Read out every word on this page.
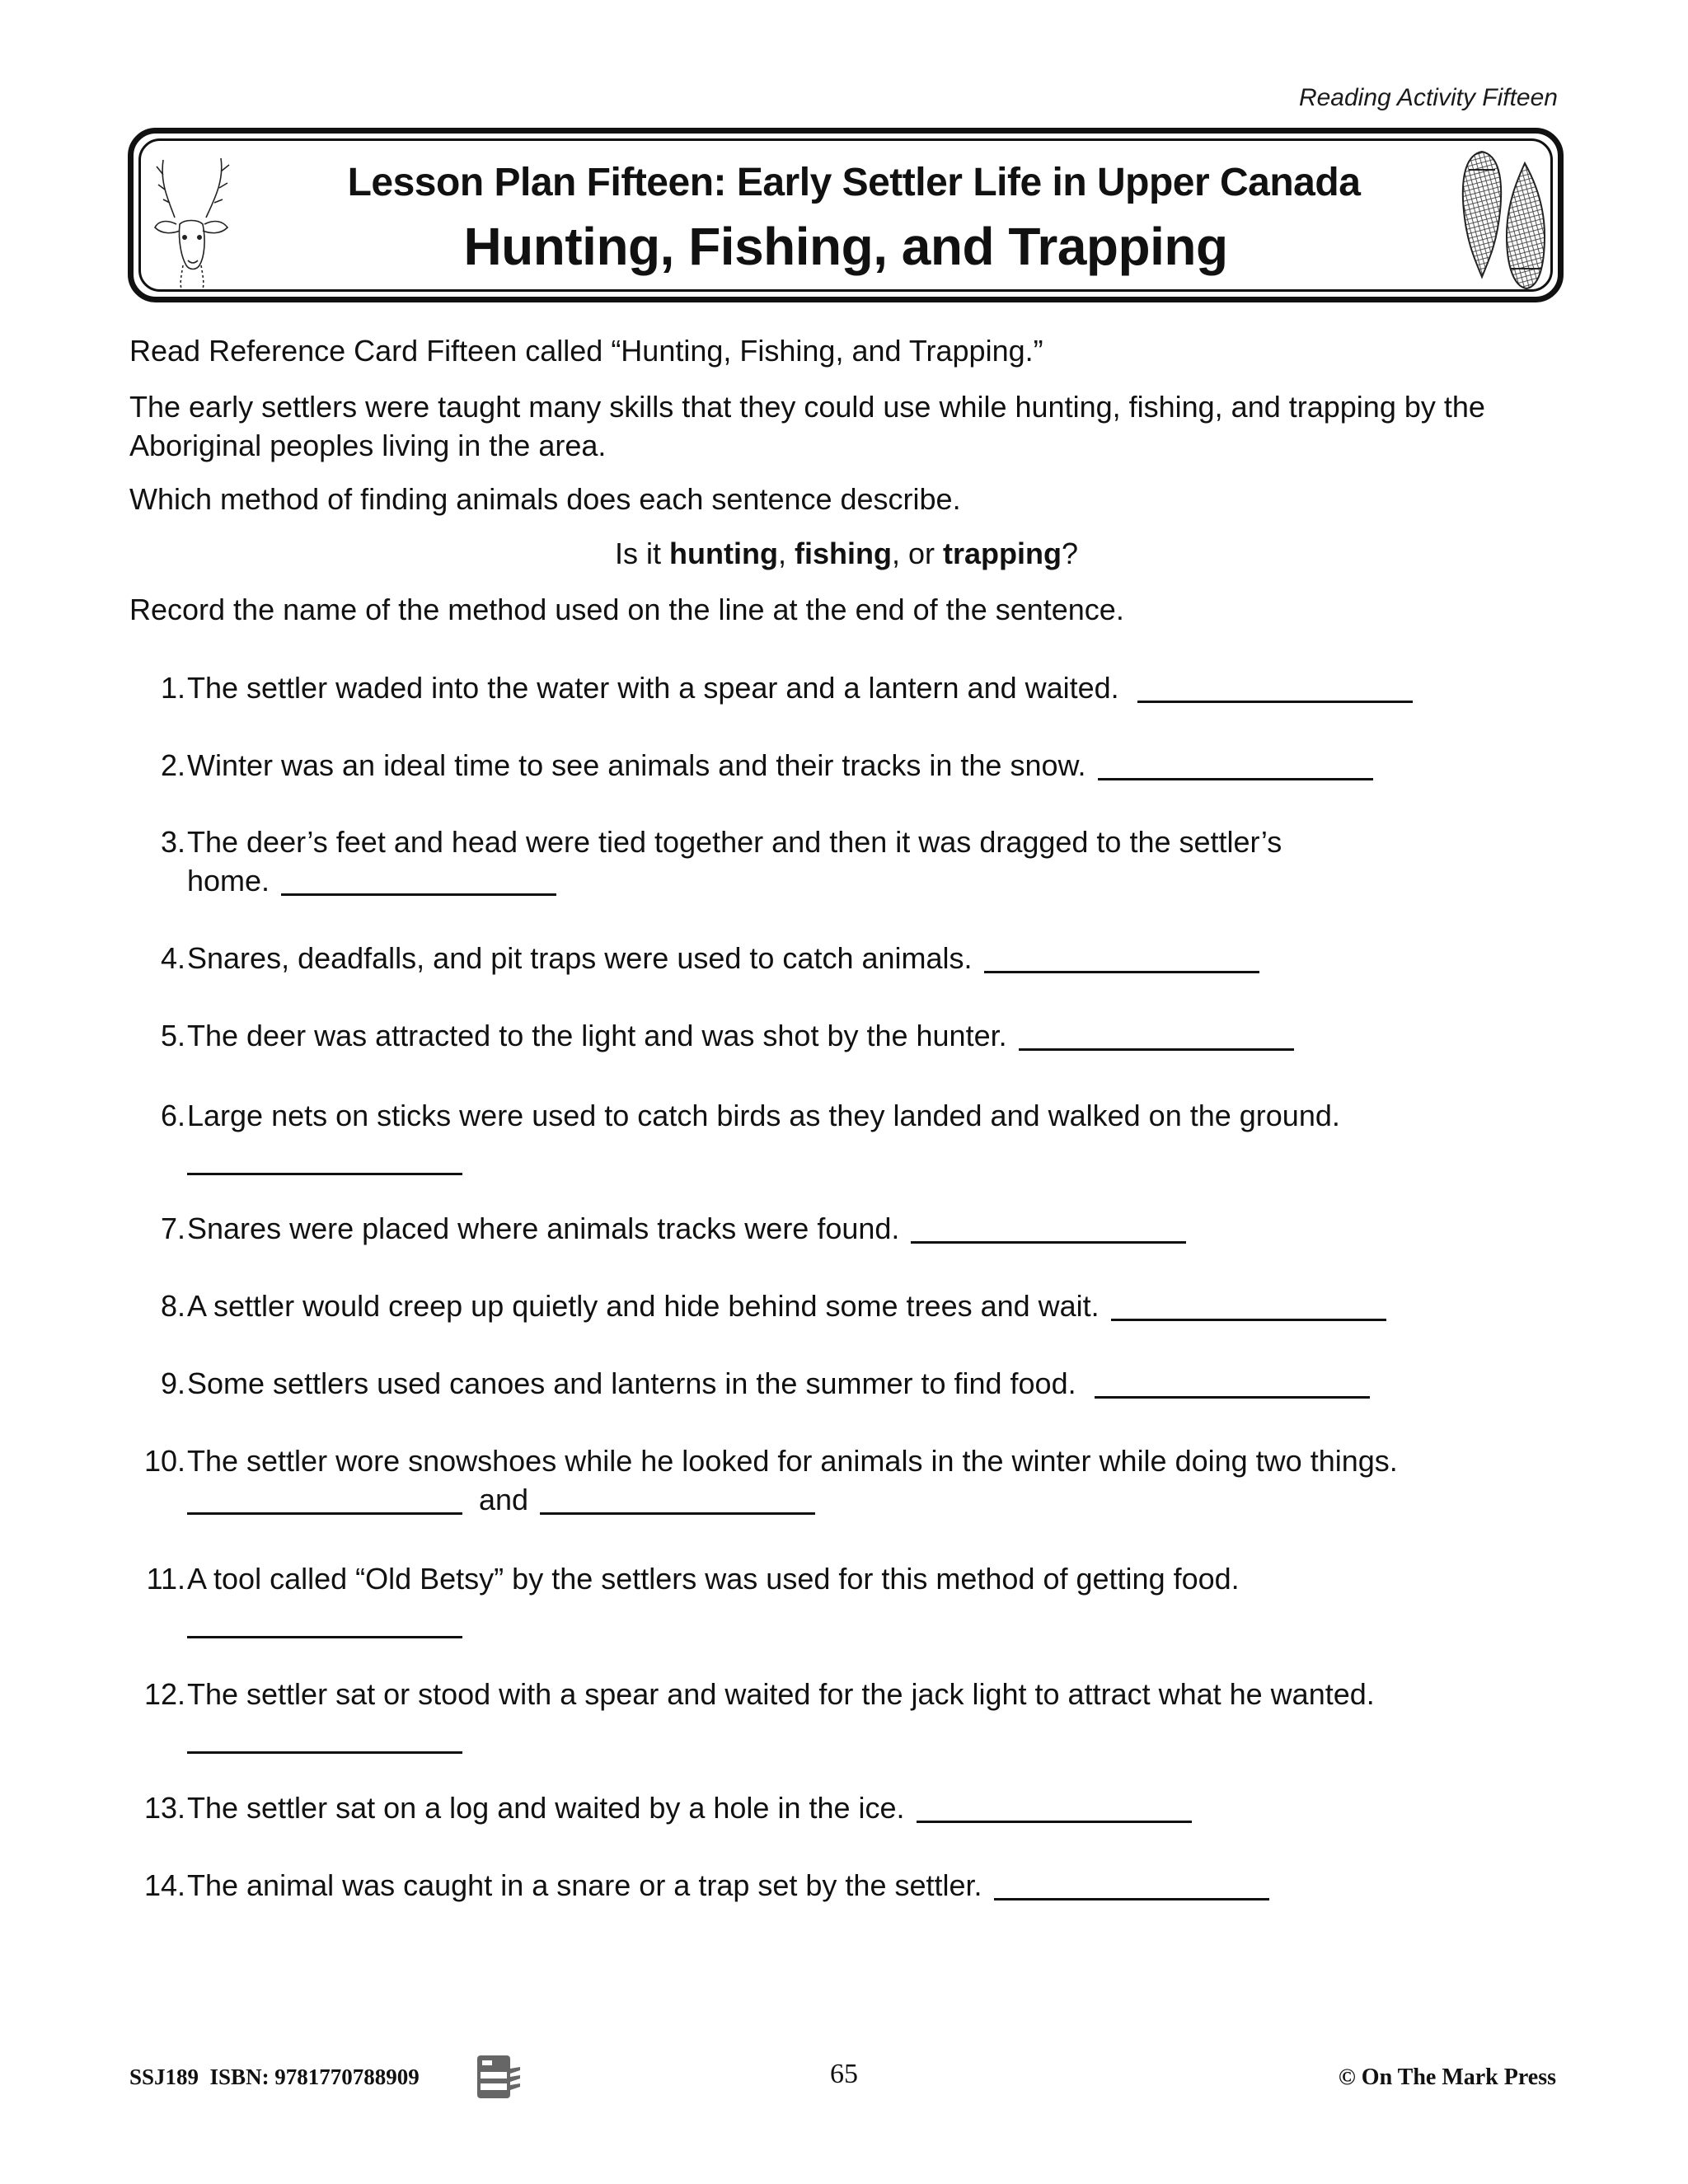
Reading Activity Fifteen
Lesson Plan Fifteen: Early Settler Life in Upper Canada
Hunting, Fishing, and Trapping
Read Reference Card Fifteen called “Hunting, Fishing, and Trapping.”
The early settlers were taught many skills that they could use while hunting, fishing, and trapping by the Aboriginal peoples living in the area.
Which method of finding animals does each sentence describe.
Is it hunting, fishing, or trapping?
Record the name of the method used on the line at the end of the sentence.
1. The settler waded into the water with a spear and a lantern and waited.
2. Winter was an ideal time to see animals and their tracks in the snow.
3. The deer’s feet and head were tied together and then it was dragged to the settler’s
home.
4. Snares, deadfalls, and pit traps were used to catch animals.
5. The deer was attracted to the light and was shot by the hunter.
6. Large nets on sticks were used to catch birds as they landed and walked on the ground.

7. Snares were placed where animals tracks were found.
8. A settler would creep up quietly and hide behind some trees and wait.
9. Some settlers used canoes and lanterns in the summer to find food.
10. The settler wore snowshoes while he looked for animals in the winter while doing two things.
and
11. A tool called “Old Betsy” by the settlers was used for this method of getting food.

12. The settler sat or stood with a spear and waited for the jack light to attract what he wanted.

13. The settler sat on a log and waited by a hole in the ice.
14. The animal was caught in a snare or a trap set by the settler.
SSJ189  ISBN: 9781770788909	65	© On The Mark Press
